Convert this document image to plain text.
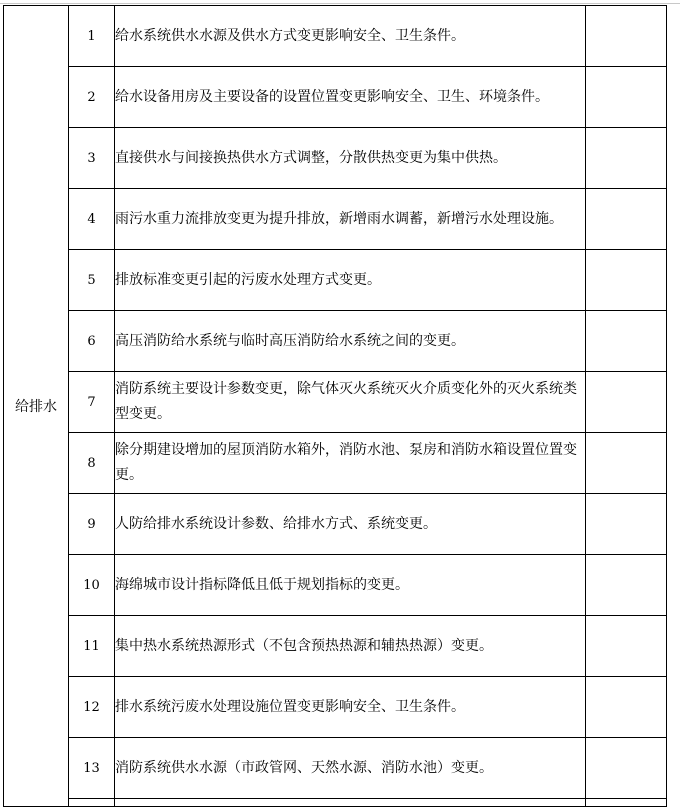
给排水	1	给水系统供水水源及供水方式变更影响安全、卫生条件。	
	2	给水设备用房及主要设备的设置位置变更影响安全、卫生、环境条件。	
	3	直接供水与间接换热供水方式调整，分散供热变更为集中供热。	
	4	雨污水重力流排放变更为提升排放，新增雨水调蓄，新增污水处理设施。	
	5	排放标准变更引起的污废水处理方式变更。	
	6	高压消防给水系统与临时高压消防给水系统之间的变更。	
	7	消防系统主要设计参数变更，除气体灭火系统灭火介质变化外的灭火系统类型变更。	
	8	除分期建设增加的屋顶消防水箱外，消防水池、泵房和消防水箱设置位置变更。	
	9	人防给排水系统设计参数、给排水方式、系统变更。	
	10	海绵城市设计指标降低且低于规划指标的变更。	
	11	集中热水系统热源形式（不包含预热热源和辅热热源）变更。	
	12	排水系统污废水处理设施位置变更影响安全、卫生条件。	
	13	消防系统供水水源（市政管网、天然水源、消防水池）变更。	
